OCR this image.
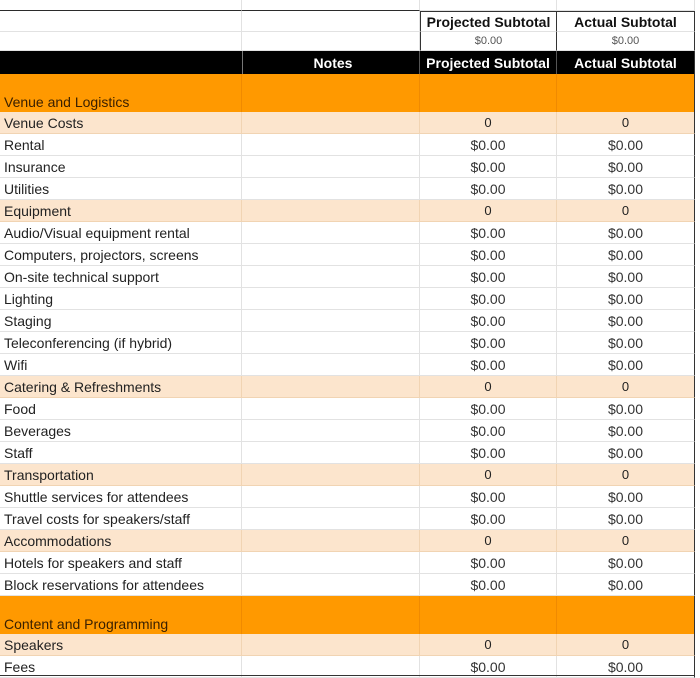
Projected Subtotal	Actual Subtotal
$0.00	$0.00
Notes	Projected Subtotal	Actual Subtotal
Venue and Logistics
Venue Costs	0	0
Rental	$0.00	$0.00
Insurance	$0.00	$0.00
Utilities	$0.00	$0.00
Equipment	0	0
Audio/Visual equipment rental	$0.00	$0.00
Computers, projectors, screens	$0.00	$0.00
On-site technical support	$0.00	$0.00
Lighting	$0.00	$0.00
Staging	$0.00	$0.00
Teleconferencing (if hybrid)	$0.00	$0.00
Wifi	$0.00	$0.00
Catering & Refreshments	0	0
Food	$0.00	$0.00
Beverages	$0.00	$0.00
Staff	$0.00	$0.00
Transportation	0	0
Shuttle services for attendees	$0.00	$0.00
Travel costs for speakers/staff	$0.00	$0.00
Accommodations	0	0
Hotels for speakers and staff	$0.00	$0.00
Block reservations for attendees	$0.00	$0.00
Content and Programming
Speakers	0	0
Fees	$0.00	$0.00
